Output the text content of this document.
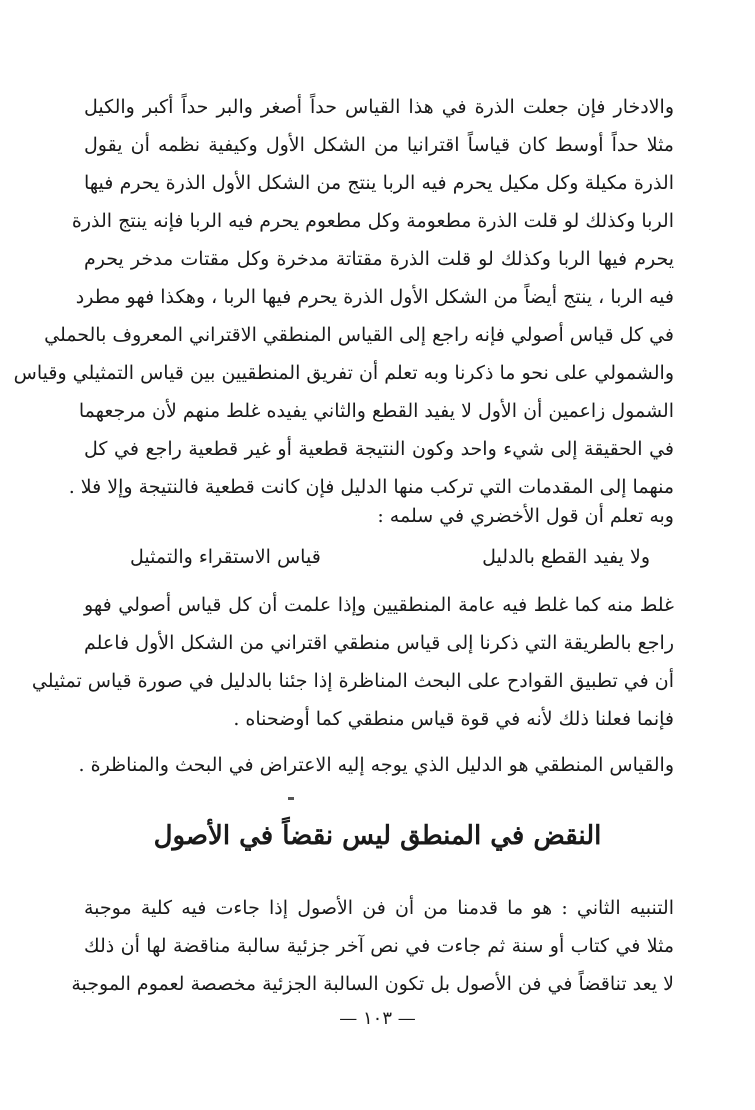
والادخار فإن جعلت الذرة في هذا القياس حداً أصغر والبر حداً أكبر والكيل
مثلا حداً أوسط كان قياساً اقترانيا من الشكل الأول وكيفية نظمه أن يقول
الذرة مكيلة وكل مكيل يحرم فيه الربا ينتج من الشكل الأول الذرة يحرم فيها
الربا وكذلك لو قلت الذرة مطعومة وكل مطعوم يحرم فيه الربا فإنه ينتج الذرة
يحرم فيها الربا وكذلك لو قلت الذرة مقتاتة مدخرة وكل مقتات مدخر يحرم
فيه الربا ، ينتج أيضاً من الشكل الأول الذرة يحرم فيها الربا ، وهكذا فهو مطرد
في كل قياس أصولي فإنه راجع إلى القياس المنطقي الاقتراني المعروف بالحملي
والشمولي على نحو ما ذكرنا وبه تعلم أن تفريق المنطقيين بين قياس التمثيلي وقياس
الشمول زاعمين أن الأول لا يفيد القطع والثاني يفيده غلط منهم لأن مرجعهما
في الحقيقة إلى شيء واحد وكون النتيجة قطعية أو غير قطعية راجع في كل
منهما إلى المقدمات التي تركب منها الدليل فإن كانت قطعية فالنتيجة وإلا فلا .
وبه تعلم أن قول الأخضري في سلمه :
ولا يفيد القطع بالدليل
قياس الاستقراء والتمثيل
غلط منه كما غلط فيه عامة المنطقيين وإذا علمت أن كل قياس أصولي فهو
راجع بالطريقة التي ذكرنا إلى قياس منطقي اقتراني من الشكل الأول فاعلم
أن في تطبيق القوادح على البحث المناظرة إذا جئنا بالدليل في صورة قياس تمثيلي
فإنما فعلنا ذلك لأنه في قوة قياس منطقي كما أوضحناه .
والقياس المنطقي هو الدليل الذي يوجه إليه الاعتراض في البحث والمناظرة .
النقض في المنطق ليس نقضاً في الأصول
التنبيه الثاني : هو ما قدمنا من أن فن الأصول إذا جاءت فيه كلية موجبة
مثلا في كتاب أو سنة ثم جاءت في نص آخر جزئية سالبة مناقضة لها أن ذلك
لا يعد تناقضاً في فن الأصول بل تكون السالبة الجزئية مخصصة لعموم الموجبة
— ١٠٣ —
